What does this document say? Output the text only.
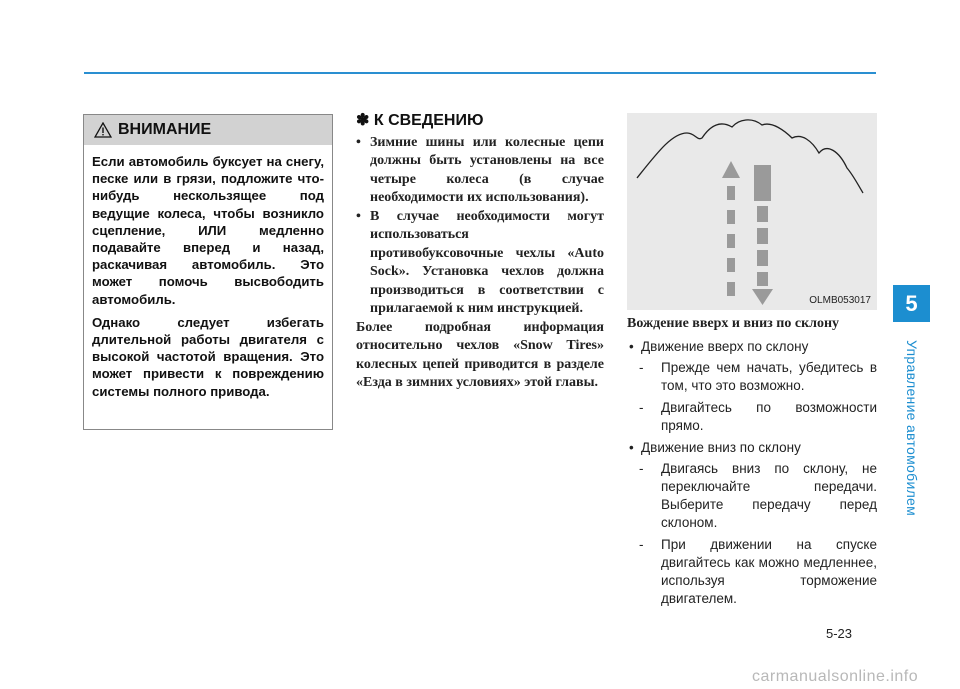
5
Управление автомобилем
ВНИМАНИЕ

Если автомобиль буксует на снегу, песке или в грязи, подложите что-нибудь нескользящее под ведущие колеса, чтобы возникло сцепление, ИЛИ медленно подавайте вперед и назад, раскачивая автомобиль. Это может помочь высвободить автомобиль.

Однако следует избегать длительной работы двигателя с высокой частотой вращения. Это может привести к повреждению системы полного привода.

✽ К СВЕДЕНИЮ

• Зимние шины или колесные цепи должны быть установлены на все четыре колеса (в случае необходимости их использования).

• В случае необходимости могут использоваться противобуксовочные чехлы «Auto Sock». Установка чехлов должна производиться в соответствии с прилагаемой к ним инструкцией.

Более подробная информация относительно чехлов «Snow Tires» колесных цепей приводится в разделе «Езда в зимних условиях» этой главы.

OLMB053017

Вождение вверх и вниз по склону

• Движение вверх по склону

- Прежде чем начать, убедитесь в том, что это возможно.

- Двигайтесь по возможности прямо.

• Движение вниз по склону

- Двигаясь вниз по склону, не переключайте передачи. Выберите передачу перед склоном.

- При движении на спуске двигайтесь как можно медленнее, используя торможение двигателем.

5-23
carmanualsonline.info
